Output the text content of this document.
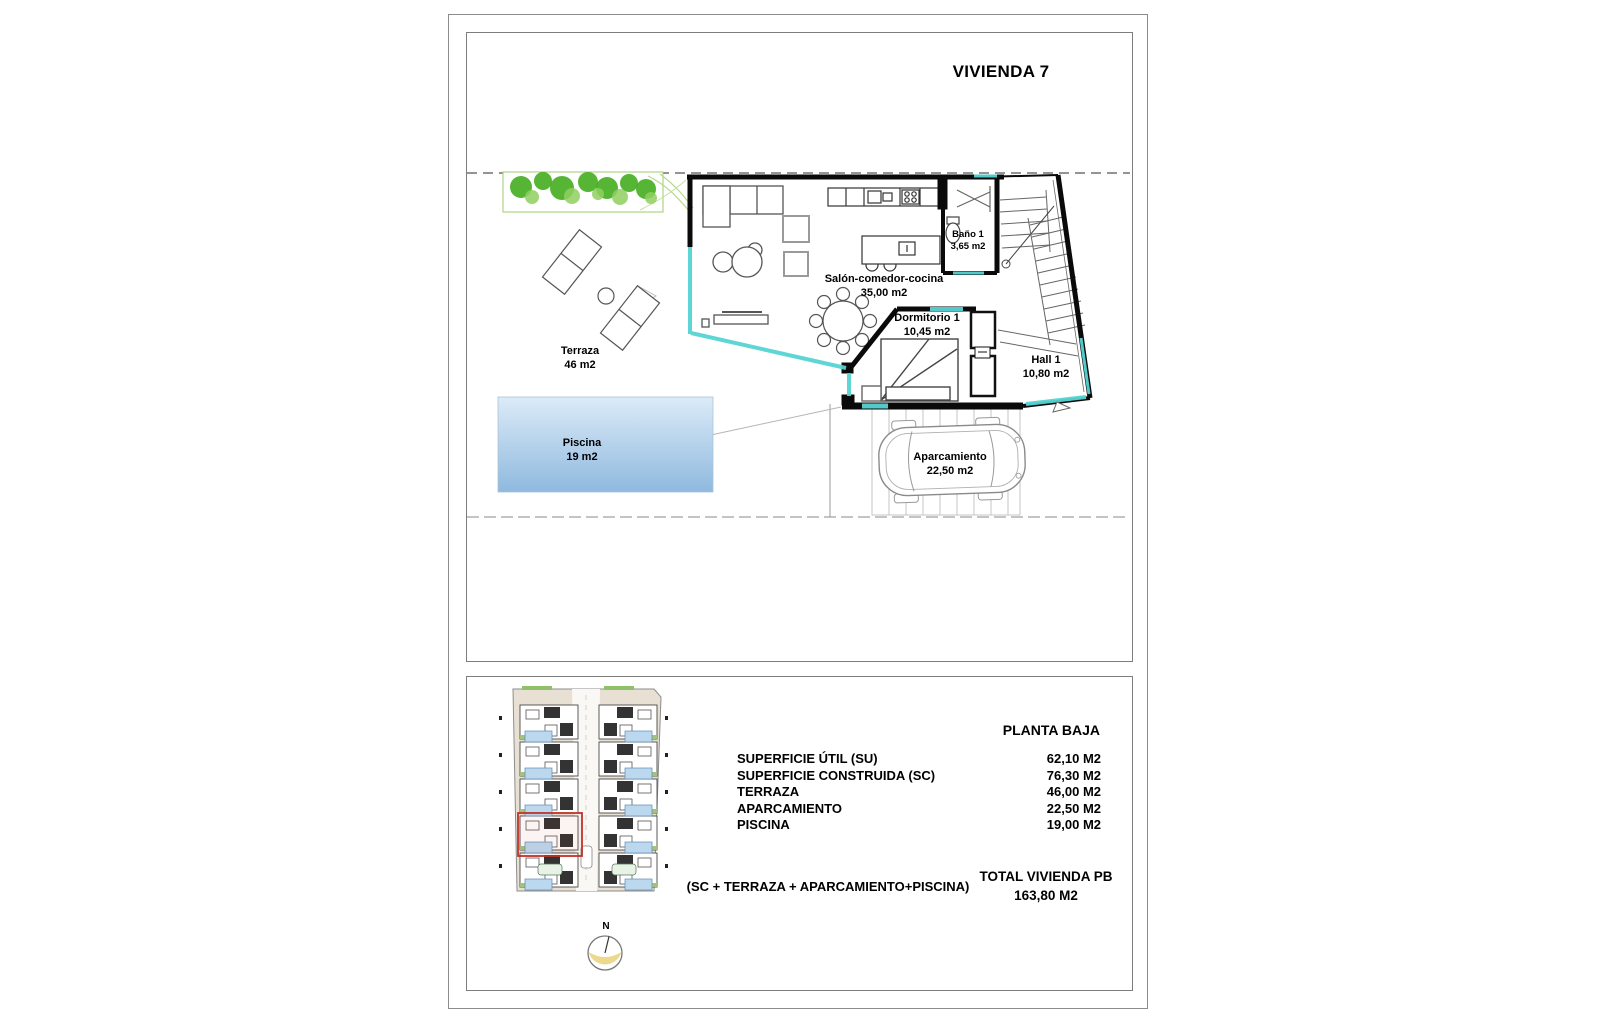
VIVIENDA 7
Terraza
46 m2
Piscina
19 m2
Salón-comedor-cocina
35,00 m2
Baño 1
3,65 m2
Dormitorio 1
10,45 m2
Hall 1
10,80 m2
Aparcamiento
22,50 m2
PLANTA BAJA
SUPERFICIE ÚTIL (SU)	62,10 M2
SUPERFICIE CONSTRUIDA (SC)	76,30 M2
TERRAZA	46,00 M2
APARCAMIENTO	22,50 M2
PISCINA	19,00 M2
(SC + TERRAZA + APARCAMIENTO+PISCINA)
TOTAL VIVIENDA PB
163,80 M2
N
